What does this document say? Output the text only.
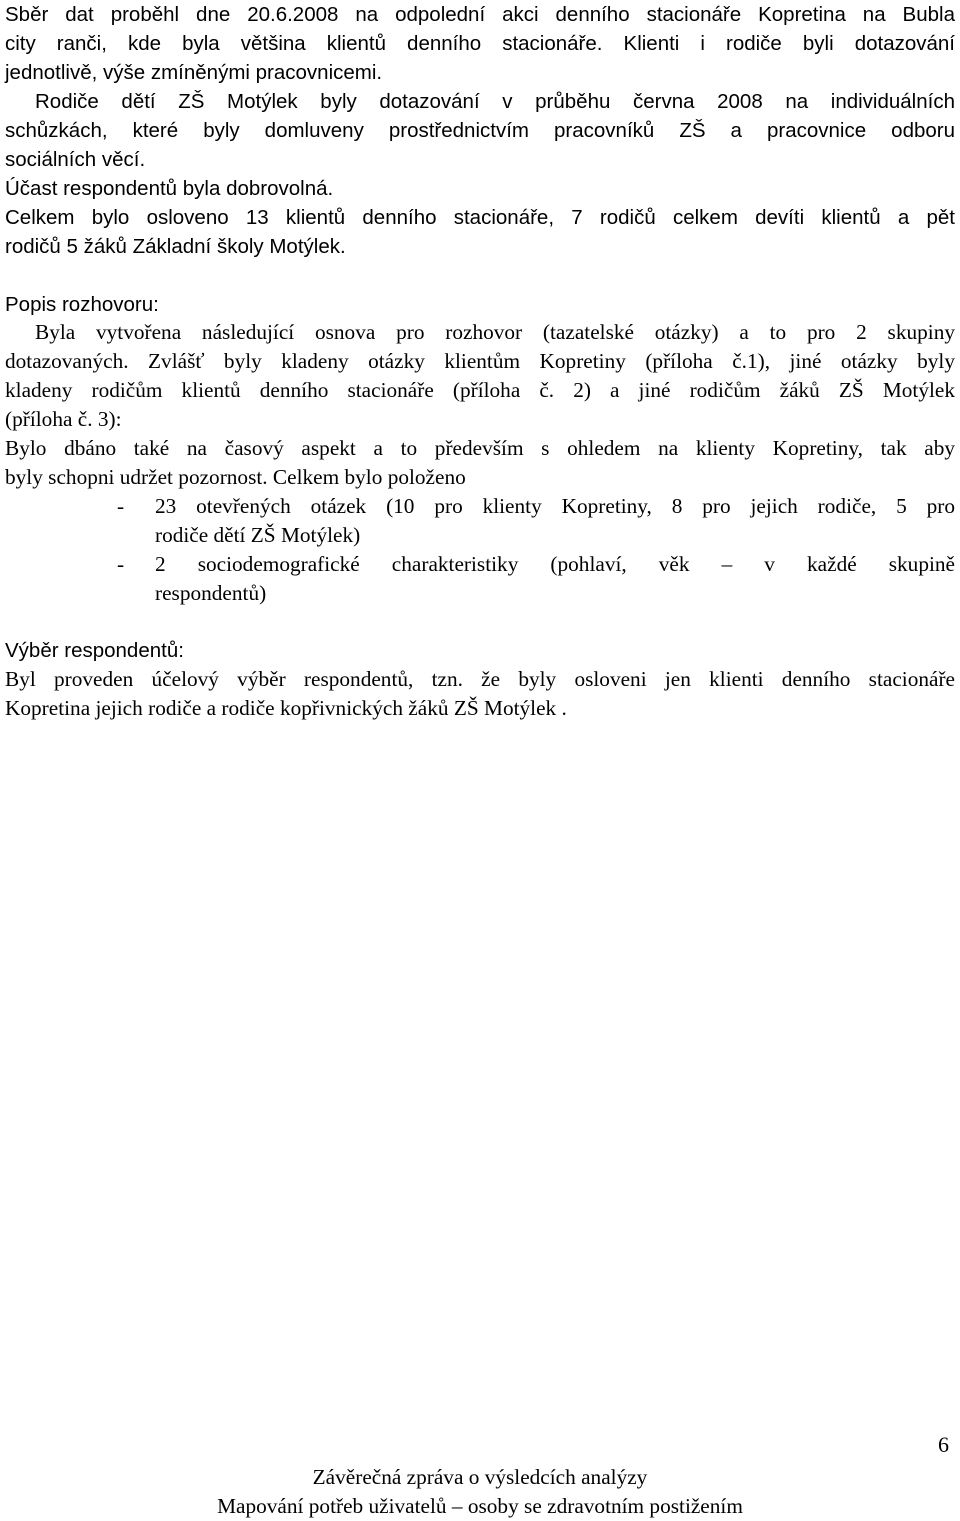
Sběr dat proběhl dne 20.6.2008 na odpolední akci denního stacionáře Kopretina na Bubla
city ranči, kde byla většina klientů denního stacionáře. Klienti i rodiče byli dotazování
jednotlivě, výše zmíněnými pracovnicemi.
Rodiče dětí ZŠ Motýlek byly dotazování v průběhu června 2008 na individuálních
schůzkách, které byly domluveny prostřednictvím pracovníků ZŠ a pracovnice odboru
sociálních věcí.
Účast respondentů byla dobrovolná.
Celkem bylo osloveno 13 klientů denního stacionáře, 7 rodičů celkem devíti klientů a pět
rodičů 5 žáků Základní školy Motýlek.
Popis rozhovoru:
Byla vytvořena následující osnova pro rozhovor (tazatelské otázky) a to pro 2 skupiny
dotazovaných. Zvlášť byly kladeny otázky klientům Kopretiny (příloha č.1), jiné otázky byly
kladeny rodičům klientů denního stacionáře (příloha č. 2) a jiné rodičům žáků ZŠ Motýlek
(příloha č. 3):
Bylo dbáno také na časový aspekt a to především s ohledem na klienty Kopretiny, tak aby
byly schopni udržet pozornost. Celkem bylo položeno
- 23 otevřených otázek (10 pro klienty Kopretiny, 8 pro jejich rodiče, 5 pro
rodiče dětí ZŠ Motýlek)
- 2 sociodemografické charakteristiky (pohlaví, věk – v každé skupině
respondentů)
Výběr respondentů:
Byl proveden účelový výběr respondentů, tzn. že byly osloveni jen klienti denního stacionáře
Kopretina jejich rodiče a rodiče kopřivnických žáků ZŠ Motýlek .
6
Závěrečná zpráva o výsledcích analýzy
Mapování potřeb uživatelů – osoby se zdravotním postižením
